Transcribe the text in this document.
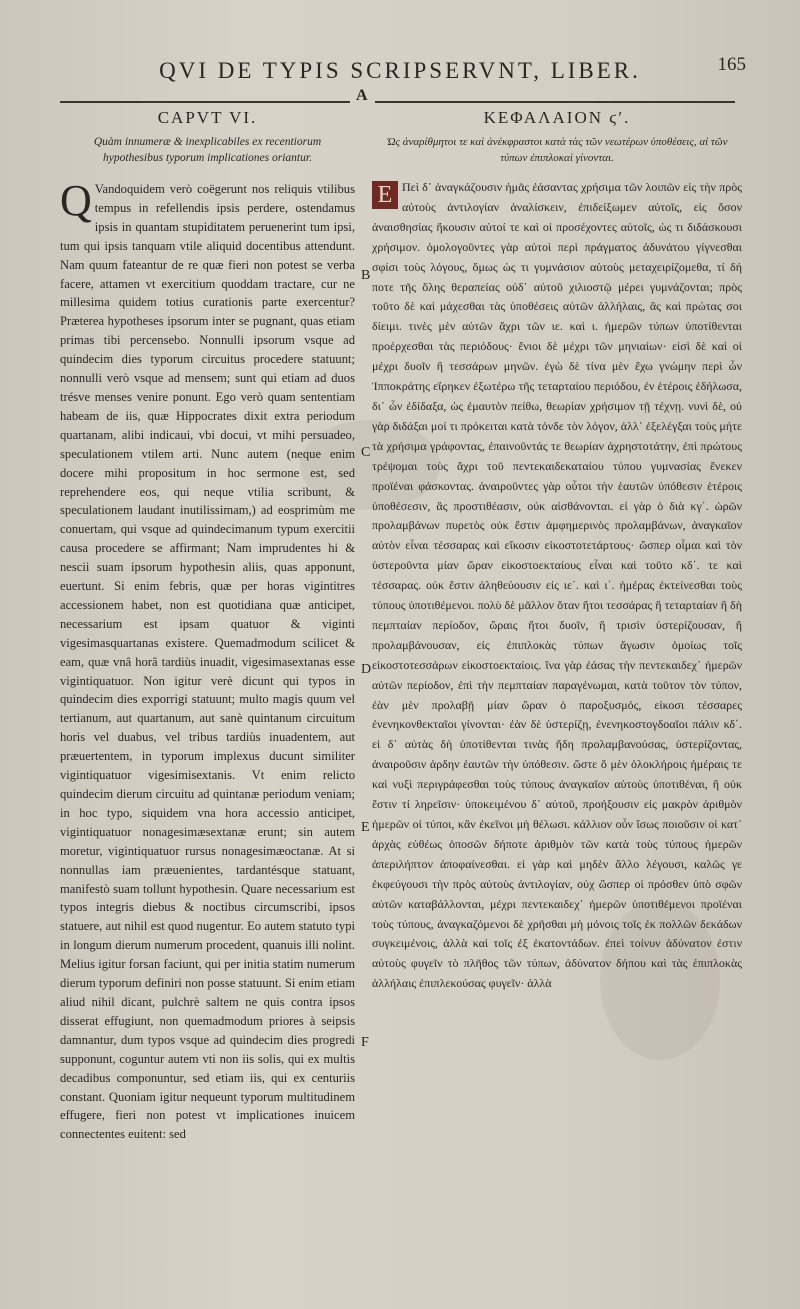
QVI DE TYPIS SCRIPSERVNT, LIBER.	165
A
CAPVT VI.
Quàm innumeræ & inexplicabiles ex recentiorum hypothesibus typorum implicationes oriantur.
Q Vandoquidem verò coëgerunt nos reliquis vtilibus tempus in refellendis ipsis perdere, ostendamus ipsis in quantam stupiditatem peruenerint tum ipsi, tum qui ipsis tanquam vtile aliquid docentibus attendunt. Nam quum fateantur de re quæ fieri non potest se verba facere, attamen vt exercitium quoddam tractare, cur ne millesima quidem totius curationis parte exercentur? Præterea hypotheses ipsorum inter se pugnant, quas etiam primas tibi percensebo. Nonnulli ipsorum vsque ad quindecim dies typorum circuitus procedere statuunt; nonnulli verò vsque ad mensem; sunt qui etiam ad duos trésve menses venire ponunt. Ego verò quam sententiam habeam de iis, quæ Hippocrates dixit extra periodum quartanam, alibi indicaui, vbi docui, vt mihi persuadeo, speculationem vtilem arti. Nunc autem (neque enim docere mihi propositum in hoc sermone est, sed reprehendere eos, qui neque vtilia scribunt, & speculationem laudant inutilissimam,) ad eosprimùm me conuertam, qui vsque ad quindecimanum typum exercitii causa procedere se affirmant; Nam imprudentes hi & nescii suam ipsorum hypothesin aliis, quas apponunt, euertunt. Si enim febris, quæ per horas vigintitres accessionem habet, non est quotidiana quæ anticipet, necessarium est ipsam quatuor & viginti vigesimasquartanas existere. Quemadmodum scilicet & eam, quæ vnâ horâ tardiùs inuadit, vigesimasextanas esse vigintiquatuor. Non igitur verè dicunt qui typos in quindecim dies exporrigi statuunt; multo magis quum vel tertianum, aut quartanum, aut sanè quintanum circuitum horis vel duabus, vel tribus tardiùs inuadentem, aut præuertentem, in typorum implexus ducunt similiter vigintiquatuor vigesimisextanis. Vt enim relicto quindecim dierum circuitu ad quintanæ periodum veniam; in hoc typo, siquidem vna hora accessio anticipet, vigintiquatuor nonagesimæsextanæ erunt; sin autem moretur, vigintiquatuor rursus nonagesimæoctanæ. At si nonnullas iam præuenientes, tardantésque statuant, manifestò suam tollunt hypothesin. Quare necessarium est typos integris diebus & noctibus circumscribi, ipsos statuere, aut nihil est quod nugentur. Eo autem statuto typi in longum dierum numerum procedent, quanuis illi nolint. Melius igitur forsan faciunt, qui per initia statim numerum dierum typorum definiri non posse statuunt. Si enim etiam aliud nihil dicant, pulchrè saltem ne quis contra ipsos disserat effugiunt, non quemadmodum priores à seipsis damnantur, dum typos vsque ad quindecim dies progredi supponunt, coguntur autem vti non iis solis, qui ex multis decadibus componuntur, sed etiam iis, qui ex centuriis constant. Quoniam igitur nequeunt typorum multitudinem effugere, fieri non potest vt implicationes inuicem connectentes euitent: sed
B
C
D
E
F
ΚΕΦΑΛΑΙΟΝ ϛʹ.
Ὡς ἀναρίθμητοι τε καὶ ἀνέκφραστοι κατὰ τὰς τῶν νεωτέρων ὑποθέσεις, αἱ τῶν τύπων ἐπιπλοκαὶ γίνονται.
Ε Πεὶ δ᾽ ἀναγκάζουσιν ἡμᾶς ἐάσαντας χρήσιμα τῶν λοιπῶν εἰς τὴν πρὸς αὐτοὺς ἀντιλογίαν ἀναλίσκειν, ἐπιδείξωμεν αὐτοῖς, εἰς ὅσον ἀναισθησίας ἥκουσιν αὐτοί τε καὶ οἱ προσέχοντες αὐτοῖς, ὡς τι διδάσκουσι χρήσιμον. ὁμολογοῦντες γὰρ αὐτοὶ περὶ πράγματος ἀδυνάτου γίγνεσθαι σφίσι τοὺς λόγους, ὅμως ὡς τι γυμνάσιον αὐτοὺς μεταχειρίζομεθα, τί δή ποτε τῆς ὅλης θεραπείας οὐδ᾽ αὐτοῦ χιλιοστῷ μέρει γυμνάζονται; πρὸς τοῦτο δὲ καὶ μάχεσθαι τὰς ὑποθέσεις αὐτῶν ἀλλήλαις, ἃς καὶ πρώτας σοι δίειμι. τινὲς μὲν αὐτῶν ἄχρι τῶν ιε. καὶ ι. ἡμερῶν τύπων ὑποτίθενται προέρχεσθαι τὰς περιόδους· ἔνιοι δὲ μέχρι τῶν μηνιαίων· εἰσὶ δὲ καὶ οἱ μέχρι δυοῖν ἢ τεσσάρων μηνῶν. ἐγὼ δὲ τίνα μὲν ἔχω γνώμην περὶ ὧν Ἱπποκράτης εἴρηκεν ἐξωτέρω τῆς τεταρταίου περιόδου, ἐν ἑτέροις ἐδήλωσα, δι᾽ ὧν ἐδίδαξα, ὡς ἐμαυτὸν πείθω, θεωρίαν χρήσιμον τῇ τέχνῃ. νυνὶ δὲ, οὐ γὰρ διδάξαι μοί τι πρόκειται κατὰ τόνδε τὸν λόγον, ἀλλ᾽ ἐξελέγξαι τοὺς μήτε τὰ χρήσιμα γράφοντας, ἐπαινοῦντάς τε θεωρίαν ἀχρηστοτάτην, ἐπὶ πρώτους τρέψομαι τοὺς ἄχρι τοῦ πεντεκαιδεκαταίου τύπου γυμνασίας ἕνεκεν προϊέναι φάσκοντας. ἀναιροῦντες γὰρ οὗτοι τὴν ἑαυτῶν ὑπόθεσιν ἑτέροις ὑποθέσεσιν, ἃς προστιθέασιν, οὐκ αἰσθάνονται. εἰ γὰρ ὁ διὰ κγ΄. ὡρῶν προλαμβάνων πυρετὸς οὐκ ἔστιν ἀμφημερινὸς προλαμβάνων, ἀναγκαῖον αὐτὸν εἶναι τέσσαρας καὶ εἴκοσιν εἰκοστοτετάρτους· ὥσπερ οἶμαι καὶ τὸν ὑστεροῦντα μίαν ὥραν εἰκοστοεκταίους εἶναι καὶ τοῦτο κδ΄. τε καὶ τέσσαρας. οὐκ ἔστιν ἀληθεύουσιν εἰς ιε΄. καὶ ι΄. ἡμέρας ἐκτείνεσθαι τοὺς τύπους ὑποτιθέμενοι. πολὺ δὲ μᾶλλον ὅταν ἤτοι τεσσάρας ἢ τεταρταίαν ἢ δὴ πεμπταίαν περίοδον, ὥραις ἤτοι δυοῖν, ἢ τρισὶν ὑστερίζουσαν, ἢ προλαμβάνουσαν, εἰς ἐπιπλοκὰς τύπων ἄγωσιν ὁμοίως τοῖς εἰκοστοτεσσάρων εἰκοστοεκταίοις. ἵνα γὰρ ἐάσας τὴν πεντεκαιδεχ᾽ ἡμερῶν αὐτῶν περίοδον, ἐπὶ τὴν πεμπταίαν παραγένωμαι, κατὰ τοῦτον τὸν τύπον, ἐὰν μὲν προλαβῇ μίαν ὥραν ὁ παροξυσμός, εἰκοσι τέσσαρες ἐνενηκονθεκταῖοι γίνονται· ἐὰν δὲ ὑστερίζῃ, ἐνενηκοστογδοαῖοι πάλιν κδ΄. εἰ δ᾽ αὐτὰς δὴ ὑποτίθενται τινὰς ἤδη προλαμβανούσας, ὑστερίζοντας, ἀναιροῦσιν ἀρδην ἑαυτῶν τὴν ὑπόθεσιν. ὥστε ὅ μὲν ὁλοκλήροις ἡμέραις τε καὶ νυξὶ περιγράφεσθαι τοὺς τύπους ἀναγκαῖον αὐτοὺς ὑποτιθέναι, ἢ οὐκ ἔστιν τί ληρεῖσιν· ὑποκειμένου δ᾽ αὐτοῦ, προήξουσιν εἰς μακρὸν ἀριθμὸν ἡμερῶν οἱ τύποι, κἂν ἐκεῖνοι μὴ θέλωσι. κάλλιον οὖν ἴσως ποιοῦσιν οἱ κατ᾽ ἀρχὰς εὐθέως ὁποσῶν δήποτε ἀριθμὸν τῶν κατὰ τοὺς τύπους ἡμερῶν ἀπεριλήπτον ἀποφαίνεσθαι. εἰ γὰρ καὶ μηδὲν ἄλλο λέγουσι, καλῶς γε ἐκφεύγουσι τὴν πρὸς αὐτοὺς ἀντιλογίαν, οὐχ ὥσπερ οἱ πρόσθεν ὑπὸ σφῶν αὐτῶν καταβάλλονται, μέχρι πεντεκαιδεχ᾽ ἡμερῶν ὑποτιθέμενοι προϊέναι τοὺς τύπους, ἀναγκαζόμενοι δὲ χρῆσθαι μὴ μόνοις τοῖς ἐκ πολλῶν δεκάδων συγκειμένοις, ἀλλὰ καὶ τοῖς ἐξ ἑκατοντάδων. ἐπεὶ τοίνυν ἀδύνατον ἐστιν αὐτοὺς φυγεῖν τὸ πλῆθος τῶν τύπων, ἀδύνατον δήπου καὶ τὰς ἐπιπλοκὰς ἀλλήλαις ἐπιπλεκούσας φυγεῖν· ἀλλὰ
